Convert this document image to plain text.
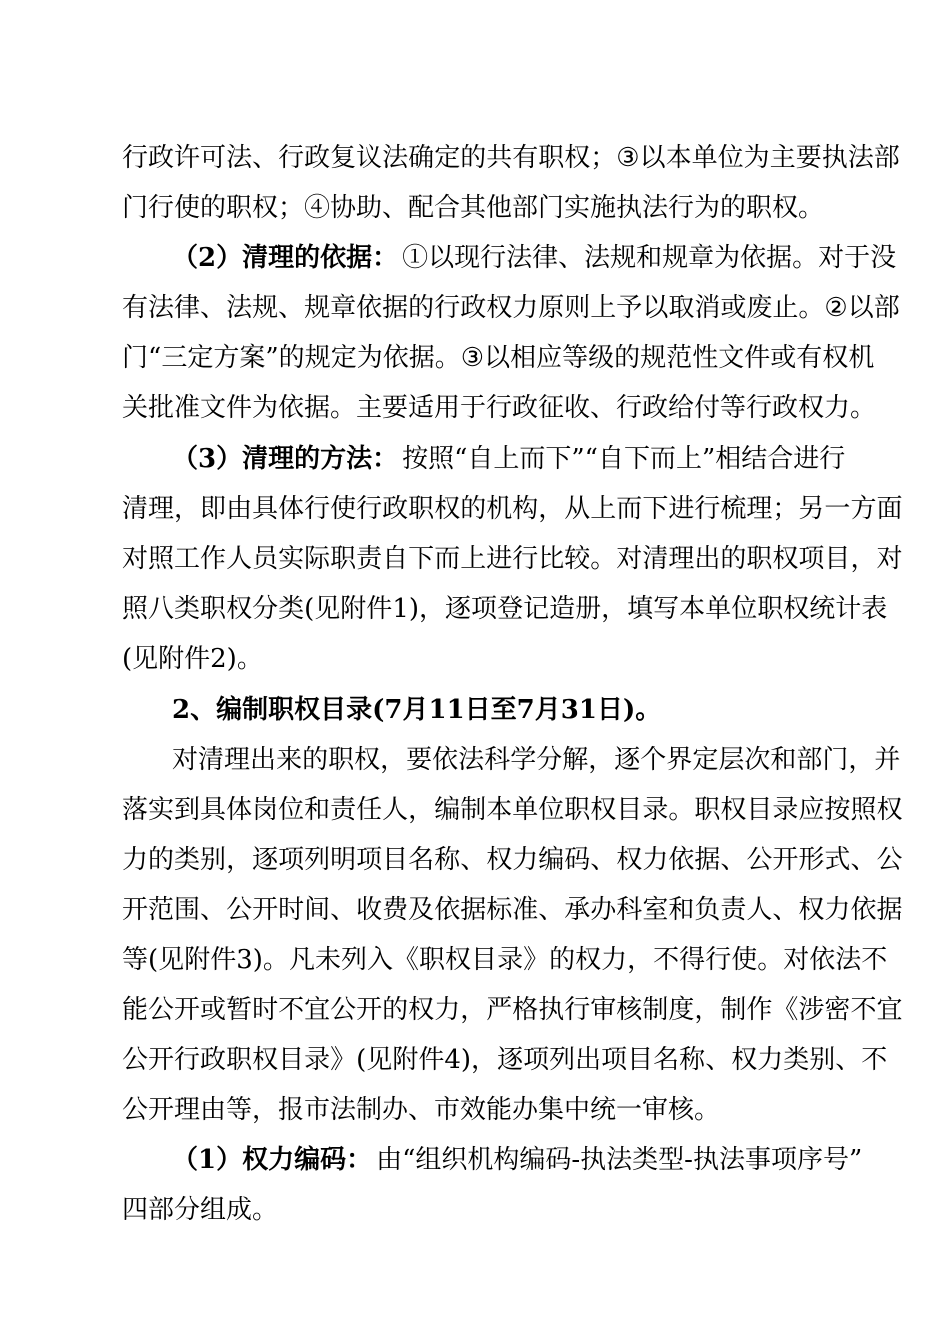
行 政 许 可 法 、 行 政 复 议 法 确 定 的 共 有 职 权 ； ③ 以 本 单 位 为 主 要 执 法 部
门行使的职权；④协助、配合其他部门实施执法行为的职权。
（2）清理的依据： ①以现行法律、法规和规章为依据。对于没
有 法 律 、 法 规 、 规 章 依 据 的 行 政 权 力 原 则 上 予 以 取 消 或 废 止 。 ② 以 部
门 “ 三 定 方 案 ” 的 规 定 为 依 据 。 ③ 以 相 应 等 级 的 规 范 性 文 件 或 有 权 机
关批准文件为依据。主要适用于行政征收、行政给付等行政权力。
（3）清理的方法： 按照“自上而下”“自下而上”相结合进行
清 理 ， 即 由 具 体 行 使 行 政 职 权 的 机 构 ， 从 上 而 下 进 行 梳 理 ； 另 一 方 面
对 照 工 作 人 员 实 际 职 责 自 下 而 上 进 行 比 较 。 对 清 理 出 的 职 权 项 目 ， 对
照 八 类 职 权 分 类 ( 见 附 件 1 ) ， 逐 项 登 记 造 册 ， 填 写 本 单 位 职 权 统 计 表
(见附件2)。
2、编制职权目录(7月11日至7月31日)。
对 清 理 出 来 的 职 权 ， 要 依 法 科 学 分 解 ， 逐 个 界 定 层 次 和 部 门 ， 并
落 实 到 具 体 岗 位 和 责 任 人 ， 编 制 本 单 位 职 权 目 录 。 职 权 目 录 应 按 照 权
力 的 类 别 ， 逐 项 列 明 项 目 名 称 、 权 力 编 码 、 权 力 依 据 、 公 开 形 式 、 公
开 范 围 、 公 开 时 间 、 收 费 及 依 据 标 准 、 承 办 科 室 和 负 责 人 、 权 力 依 据
等 ( 见 附 件 3 ) 。 凡 未 列 入 《 职 权 目 录 》 的 权 力 ， 不 得 行 使 。 对 依 法 不
能 公 开 或 暂 时 不 宜 公 开 的 权 力 ， 严 格 执 行 审 核 制 度 ， 制 作 《 涉 密 不 宜
公 开 行 政 职 权 目 录 》 ( 见 附 件 4 ) ， 逐 项 列 出 项 目 名 称 、 权 力 类 别 、 不
公开理由等，报市法制办、市效能办集中统一审核。
（1）权力编码： 由“组织机构编码-执法类型-执法事项序号”
四部分组成。
